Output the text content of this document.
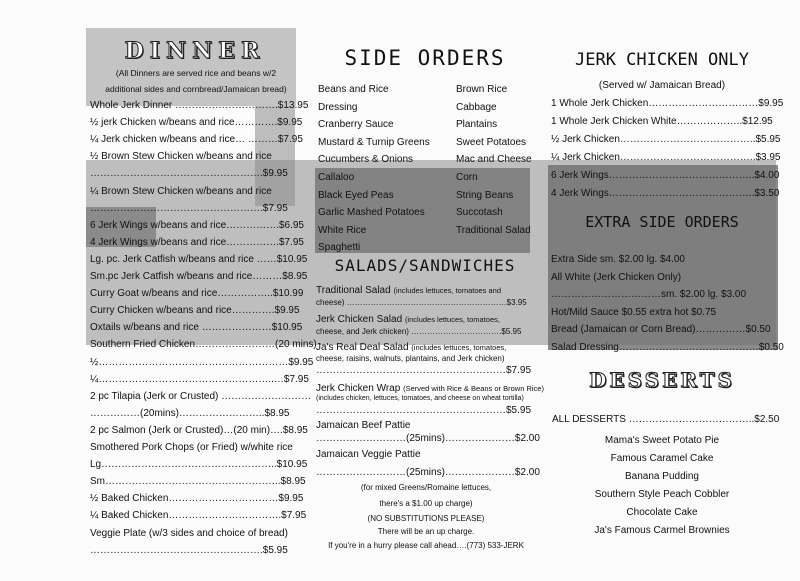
DINNER
(All Dinners are served rice and beans w/2
additional sides and cornbread/Jamaican bread)
Whole Jerk Dinner ………………………….$13.95
½ jerk Chicken w/beans and rice………….$9.95
¼ Jerk chicken w/beans and rice… ………$7.95
½ Brown Stew Chicken w/beans and rice
…………………………………………….$9.95
¼ Brown Stew Chicken w/beans and rice
…………………………………………….$7.95
6 Jerk Wings w/beans and rice…………….$6.95
4 Jerk Wings w/beans and rice…………….$7.95
Lg. pc. Jerk Catfish w/beans and rice ……$10.95
Sm.pc Jerk Catfish w/beans and rice………$8.95
Curry Goat w/beans and rice……………..$10.99
Curry Chicken w/beans and rice………….$9.95
Oxtails w/beans and rice …………………$10.95
Southern Fried Chicken……………………(20 mins)
½…………………………………………………$9.95
¼……………………………………………..…$7.95
2 pc Tilapia (Jerk or Crusted) ………………………
……………(20mins)……………………..$8.95
2 pc Salmon (Jerk or Crusted)…(20 min)….$8.95
Smothered Pork Chops (or Fried) w/white rice
Lg……………………………………………..$10.95
Sm……………………………………………..$8.95
½ Baked Chicken……………………………$9.95
¼ Baked Chicken…………………………….$7.95
Veggie Plate (w/3 sides and choice of bread)
…………………………………………….$5.95
SIDE ORDERS
Beans and Rice
Dressing
Cranberry Sauce
Mustard & Turnip Greens
Cucumbers & Onions
Callaloo
Black Eyed Peas
Garlic Mashed Potatoes
White Rice
Spaghetti
Brown Rice
Cabbage
Plantains
Sweet Potatoes
Mac and Cheese
Corn
String Beans
Succotash
Traditional Salad
SALADS/SANDWICHES
Traditional Salad (includes lettuces, tomatoes and
cheese) ……………………………………………………$3.95
Jerk Chicken Salad (includes lettuces, tomatoes,
cheese, and Jerk chicken) …………………………….$5.95
Ja's Real Deal Salad (includes lettuces, tomatoes,
cheese, raisins, walnuts, plantains, and Jerk chicken)
…………………………………………………$7.95
Jerk Chicken Wrap (Served with Rice & Beans or Brown Rice)
(includes chicken, lettuces, tomatoes, and cheese on wheat tortilla)
…………………………………………………$5.95
Jamaican Beef Pattie
………………………(25mins)…………………$2.00
Jamaican Veggie Pattie
………………………(25mins)…………………$2.00
(for mixed Greens/Romaine lettuces,
there's a $1.00 up charge)
(NO SUBSTITUTIONS PLEASE)
There will be an up charge.
If you're in a hurry please call ahead….(773) 533-JERK
JERK CHICKEN ONLY
(Served w/ Jamaican Bread)
1 Whole Jerk Chicken……………………………$9.95
1 Whole Jerk Chicken White………………..$12.95
½ Jerk Chicken…………………………………..$5.95
¼ Jerk Chicken…………………………………..$3.95
6 Jerk Wings……………………………………..$4.00
4 Jerk Wings……………………………………..$3.50
EXTRA SIDE ORDERS
Extra Side sm. $2.00 lg. $4.00
All White (Jerk Chicken Only)
……………………………sm. $2.00 lg. $3.00
Hot/Mild Sauce $0.55 extra hot $0.75
Bread (Jamaican or Corn Bread)……………$0.50
Salad Dressing……………………………………$0.50
DESSERTS
ALL DESSERTS ………………………………..$2.50
Mama's Sweet Potato Pie
Famous Caramel Cake
Banana Pudding
Southern Style Peach Cobbler
Chocolate Cake
Ja's Famous Carmel Brownies
